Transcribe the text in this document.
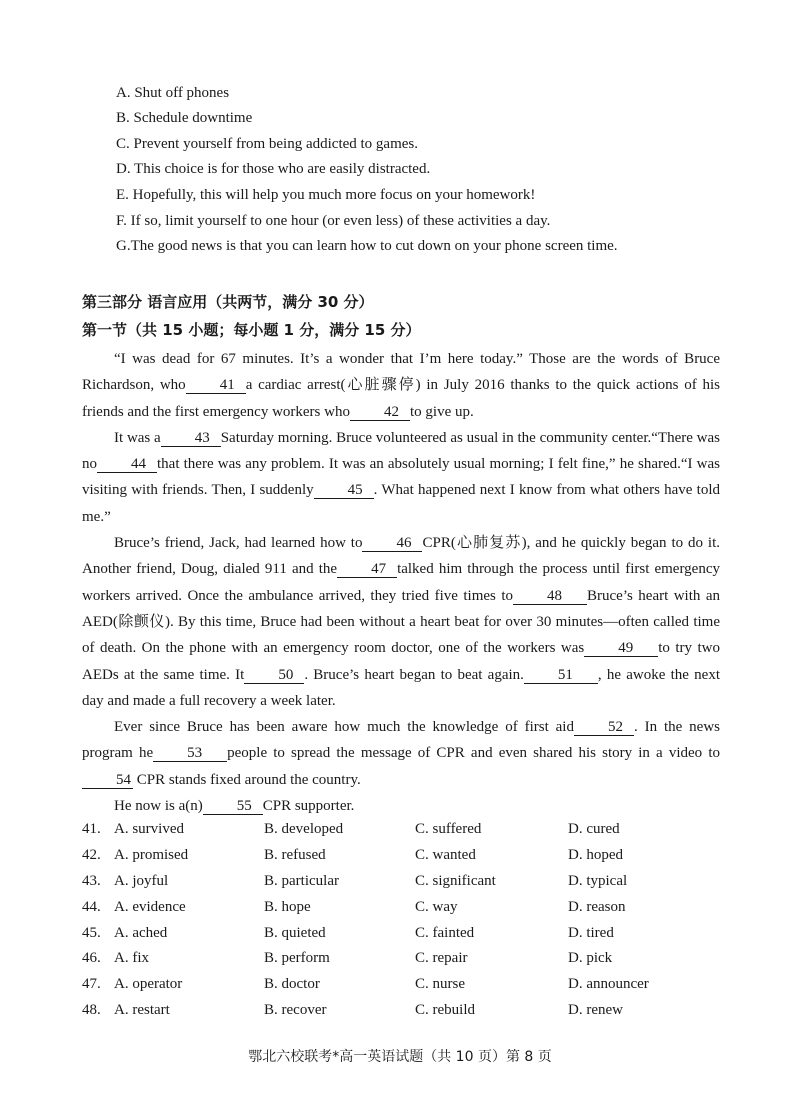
A. Shut off phones
B. Schedule downtime
C. Prevent yourself from being addicted to games.
D. This choice is for those who are easily distracted.
E. Hopefully, this will help you much more focus on your homework!
F. If so, limit yourself to one hour (or even less) of these activities a day.
G.The good news is that you can learn how to cut down on your phone screen time.
第三部分 语言应用（共两节，满分 30 分）
第一节（共 15 小题；每小题 1 分，满分 15 分）

“I was dead for 67 minutes. It’s a wonder that I’m here today.” Those are the words of Bruce Richardson, who 41 a cardiac arrest(心脏骤停) in July 2016 thanks to the quick actions of his friends and the first emergency workers who 42 to give up.

It was a 43 Saturday morning. Bruce volunteered as usual in the community center.“There was no 44 that there was any problem. It was an absolutely usual morning; I felt fine,” he shared.“I was visiting with friends. Then, I suddenly 45 . What happened next I know from what others have told me.”

Bruce’s friend, Jack, had learned how to 46 CPR(心肺复苏), and he quickly began to do it. Another friend, Doug, dialed 911 and the 47 talked him through the process until first emergency workers arrived. Once the ambulance arrived, they tried five times to 48 Bruce’s heart with an AED(除颤仪). By this time, Bruce had been without a heart beat for over 30 minutes—often called time of death. On the phone with an emergency room doctor, one of the workers was 49 to try two AEDs at the same time. It 50 . Bruce’s heart began to beat again. 51 , he awoke the next day and made a full recovery a week later.

Ever since Bruce has been aware how much the knowledge of first aid 52 . In the news program he 53 people to spread the message of CPR and even shared his story in a video to54 CPR stands fixed around the country.

He now is a(n) 55 CPR supporter.

41. A. survived	B. developed	C. suffered	D. cured
42. A. promised	B. refused	C. wanted	D. hoped
43. A. joyful	B. particular	C. significant	D. typical
44. A. evidence	B. hope	C. way	D. reason
45. A. ached	B. quieted	C. fainted	D. tired
46. A. fix	B. perform	C. repair	D. pick
47. A. operator	B. doctor	C. nurse	D. announcer
48. A. restart	B. recover	C. rebuild	D. renew
鄂北六校联考*高一英语试题（共 10 页）第 8 页
